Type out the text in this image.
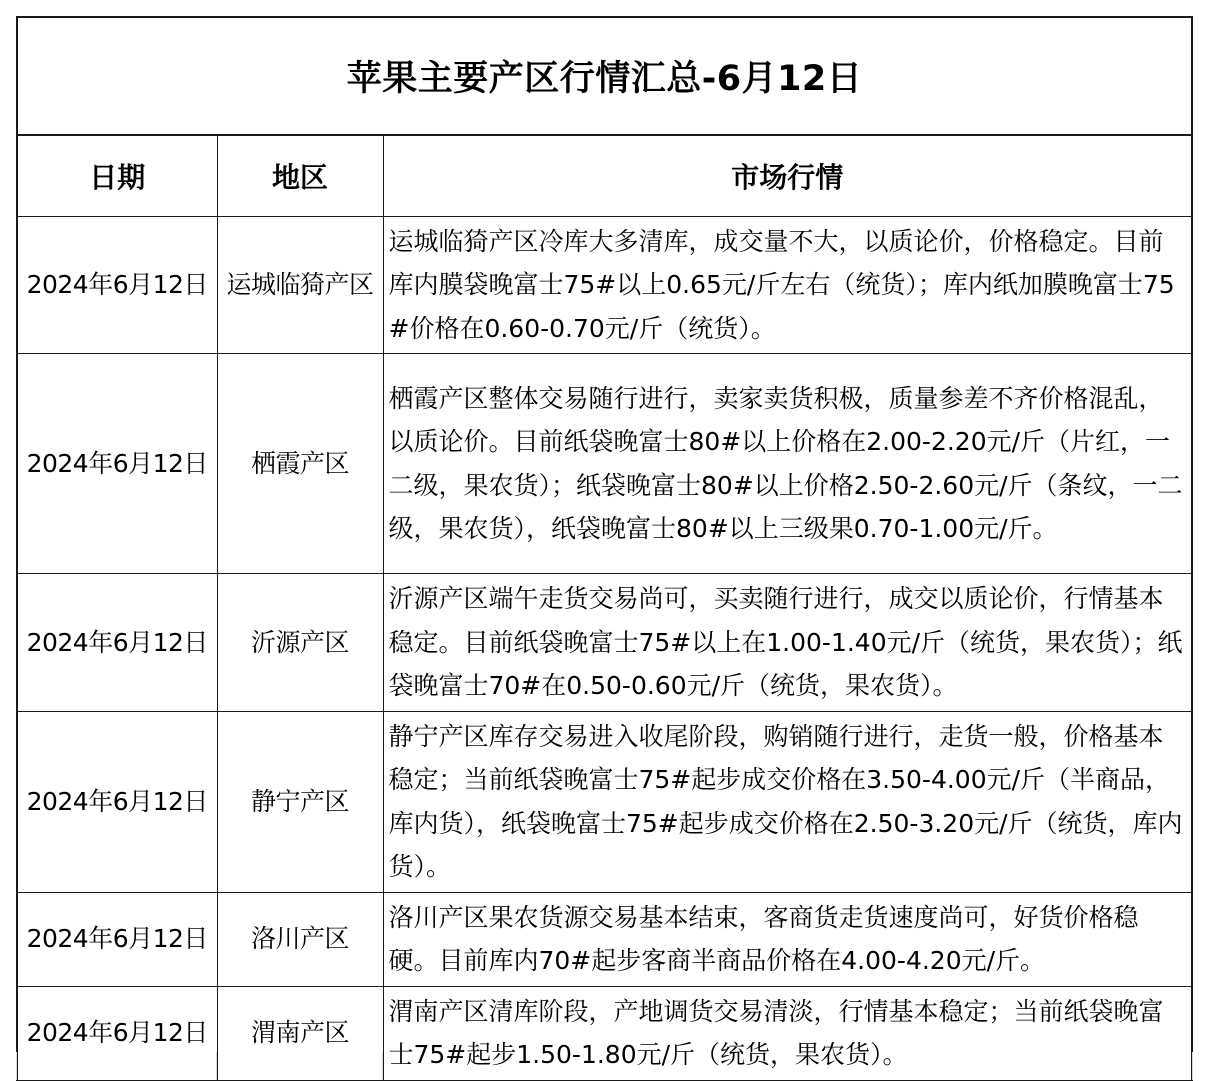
苹果主要产区行情汇总-6月12日
日期	地区	市场行情
2024年6月12日	运城临猗产区	运城临猗产区冷库大多清库，成交量不大，以质论价，价格稳定。目前库内膜袋晚富士75#以上0.65元/斤左右（统货）；库内纸加膜晚富士75#价格在0.60-0.70元/斤（统货）。
2024年6月12日	栖霞产区	栖霞产区整体交易随行进行，卖家卖货积极，质量参差不齐价格混乱，以质论价。目前纸袋晚富士80#以上价格在2.00-2.20元/斤（片红，一二级，果农货）；纸袋晚富士80#以上价格2.50-2.60元/斤（条纹，一二级，果农货），纸袋晚富士80#以上三级果0.70-1.00元/斤。
2024年6月12日	沂源产区	沂源产区端午走货交易尚可，买卖随行进行，成交以质论价，行情基本稳定。目前纸袋晚富士75#以上在1.00-1.40元/斤（统货，果农货）；纸袋晚富士70#在0.50-0.60元/斤（统货，果农货）。
2024年6月12日	静宁产区	静宁产区库存交易进入收尾阶段，购销随行进行，走货一般，价格基本稳定；当前纸袋晚富士75#起步成交价格在3.50-4.00元/斤（半商品，库内货），纸袋晚富士75#起步成交价格在2.50-3.20元/斤（统货，库内货）。
2024年6月12日	洛川产区	洛川产区果农货源交易基本结束，客商货走货速度尚可，好货价格稳硬。目前库内70#起步客商半商品价格在4.00-4.20元/斤。
2024年6月12日	渭南产区	渭南产区清库阶段，产地调货交易清淡，行情基本稳定；当前纸袋晚富士75#起步1.50-1.80元/斤（统货，果农货）。
